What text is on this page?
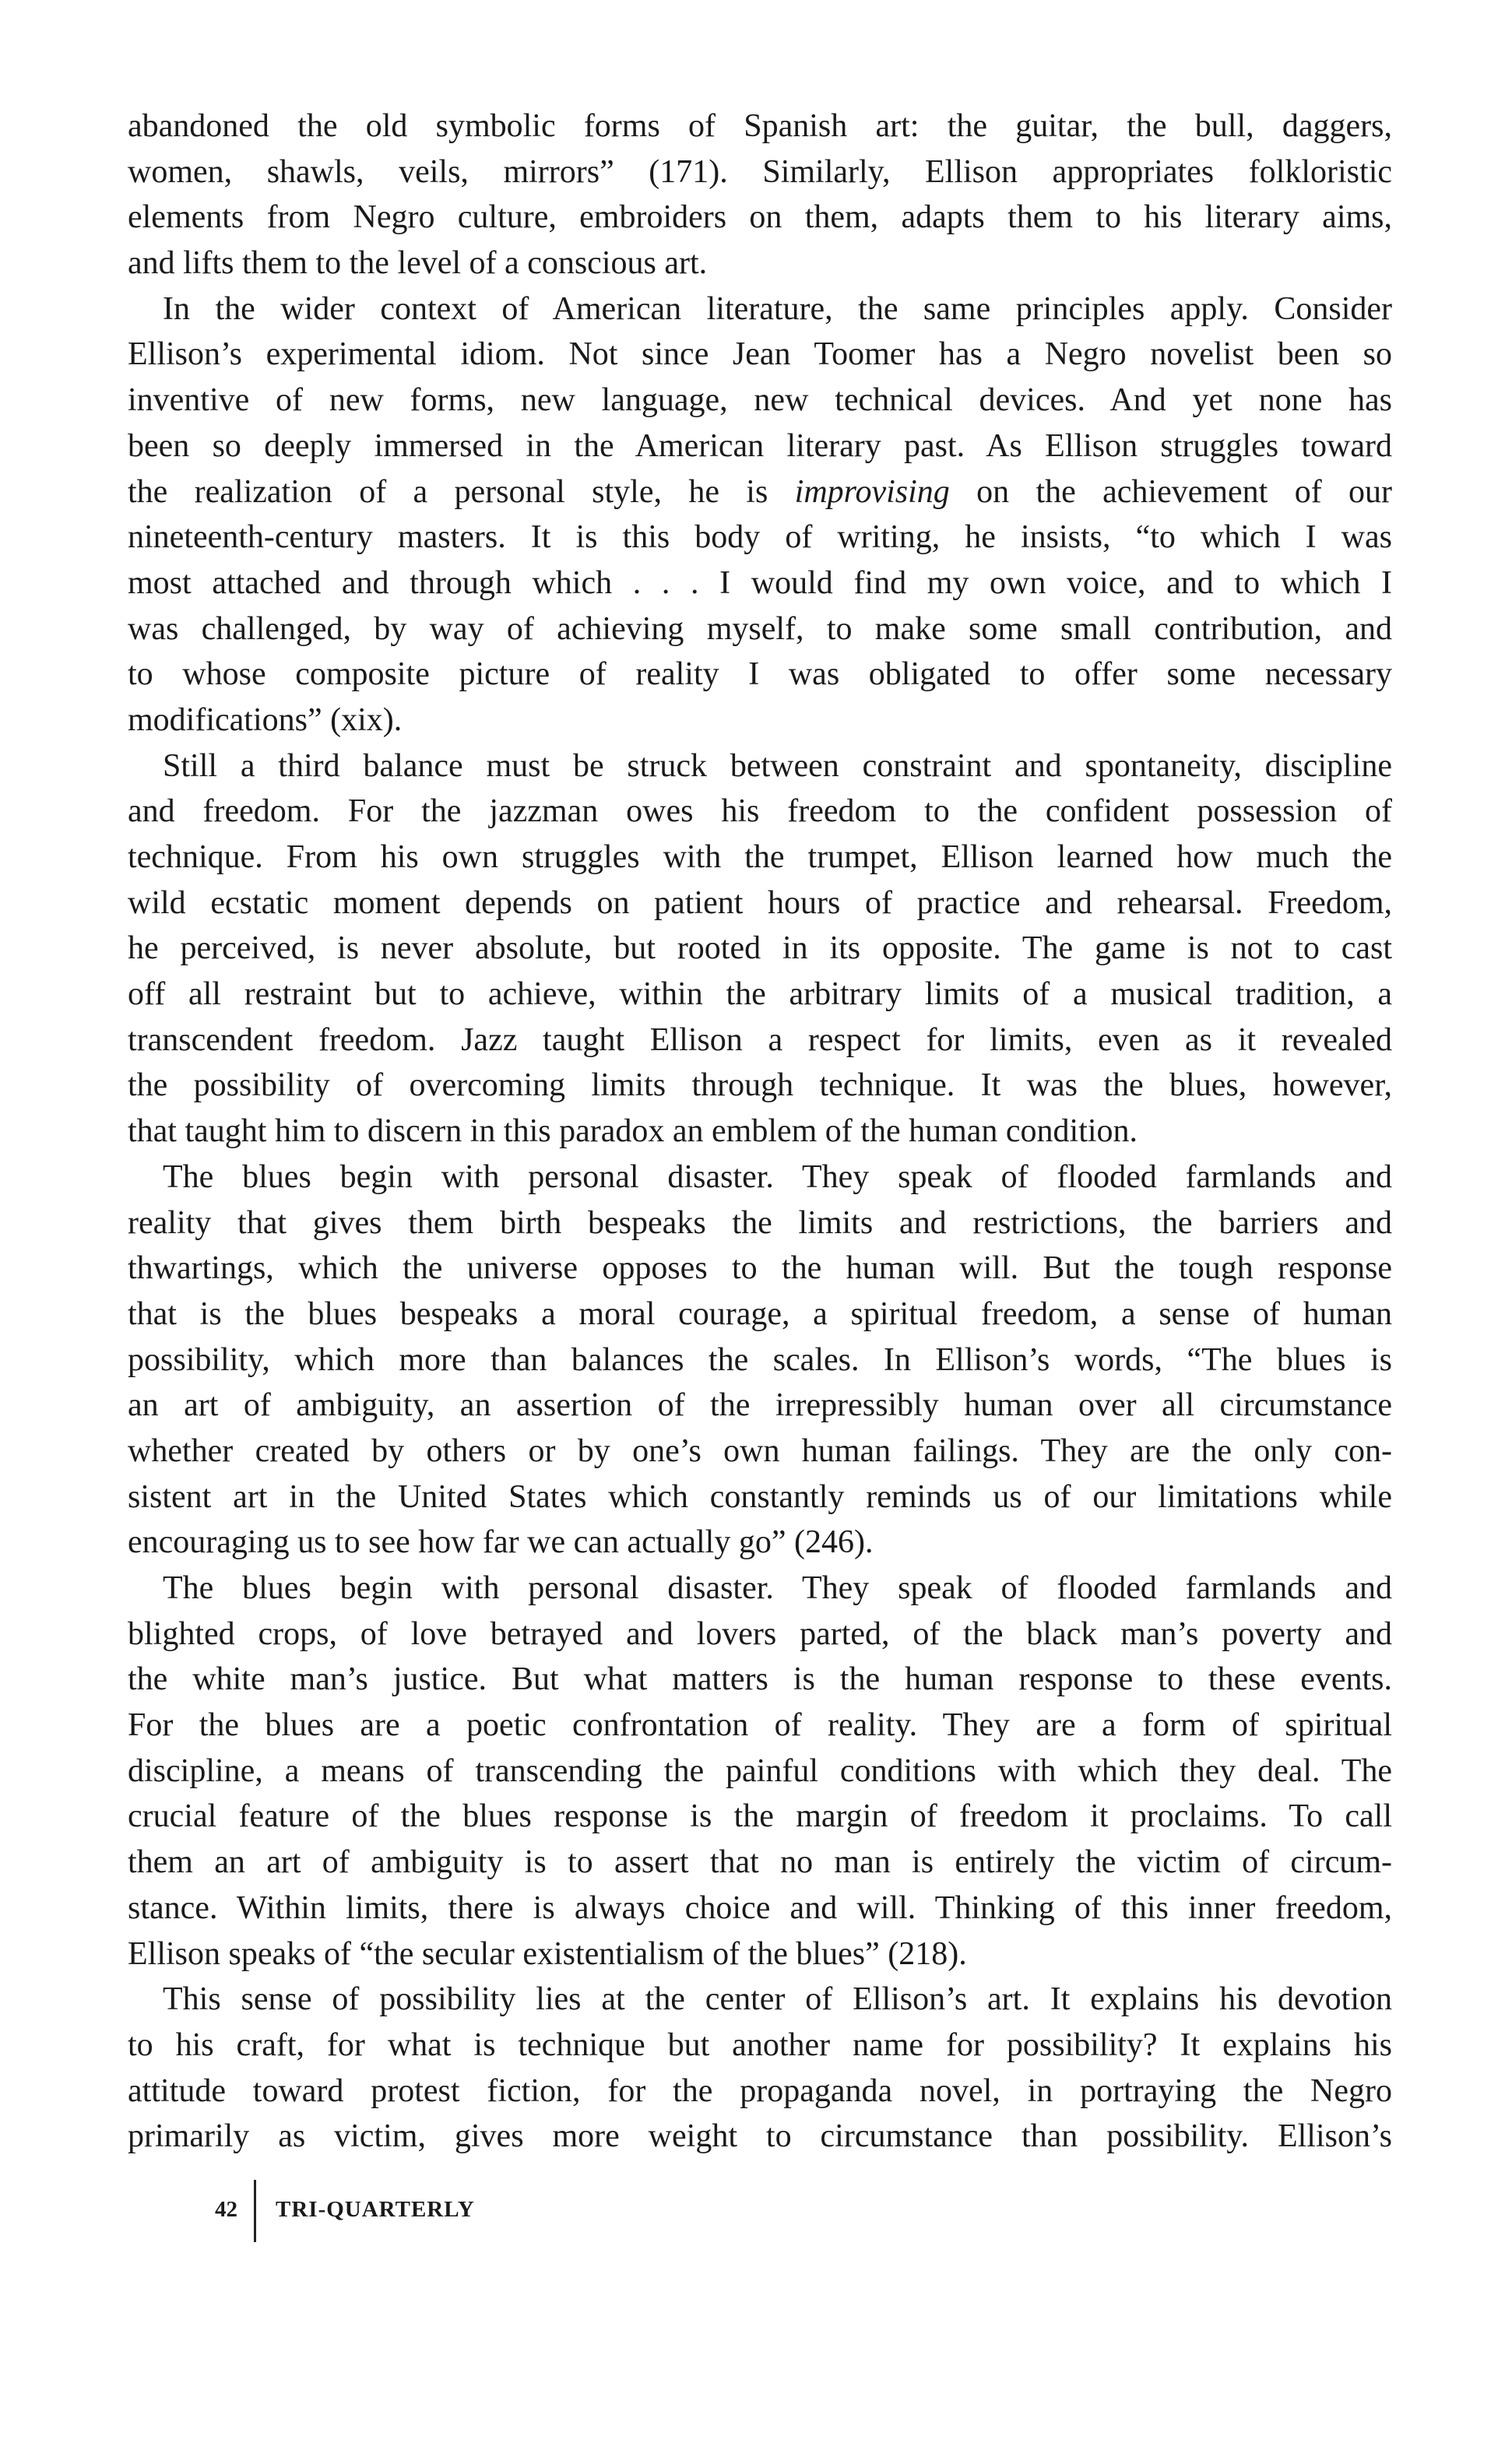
abandoned the old symbolic forms of Spanish art: the guitar, the bull, daggers,
women, shawls, veils, mirrors” (171). Similarly, Ellison appropriates folkloristic
elements from Negro culture, embroiders on them, adapts them to his literary aims,
and lifts them to the level of a conscious art.
In the wider context of American literature, the same principles apply. Consider
Ellison’s experimental idiom. Not since Jean Toomer has a Negro novelist been so
inventive of new forms, new language, new technical devices. And yet none has
been so deeply immersed in the American literary past. As Ellison struggles toward
the realization of a personal style, he is improvising on the achievement of our
nineteenth-century masters. It is this body of writing, he insists, “to which I was
most attached and through which . . . I would find my own voice, and to which I
was challenged, by way of achieving myself, to make some small contribution, and
to whose composite picture of reality I was obligated to offer some necessary
modifications” (xix).
Still a third balance must be struck between constraint and spontaneity, discipline
and freedom. For the jazzman owes his freedom to the confident possession of
technique. From his own struggles with the trumpet, Ellison learned how much the
wild ecstatic moment depends on patient hours of practice and rehearsal. Freedom,
he perceived, is never absolute, but rooted in its opposite. The game is not to cast
off all restraint but to achieve, within the arbitrary limits of a musical tradition, a
transcendent freedom. Jazz taught Ellison a respect for limits, even as it revealed
the possibility of overcoming limits through technique. It was the blues, however,
that taught him to discern in this paradox an emblem of the human condition.
The blues begin with personal disaster. They speak of flooded farmlands and
reality that gives them birth bespeaks the limits and restrictions, the barriers and
thwartings, which the universe opposes to the human will. But the tough response
that is the blues bespeaks a moral courage, a spiritual freedom, a sense of human
possibility, which more than balances the scales. In Ellison’s words, “The blues is
an art of ambiguity, an assertion of the irrepressibly human over all circumstance
whether created by others or by one’s own human failings. They are the only con-
sistent art in the United States which constantly reminds us of our limitations while
encouraging us to see how far we can actually go” (246).
The blues begin with personal disaster. They speak of flooded farmlands and
blighted crops, of love betrayed and lovers parted, of the black man’s poverty and
the white man’s justice. But what matters is the human response to these events.
For the blues are a poetic confrontation of reality. They are a form of spiritual
discipline, a means of transcending the painful conditions with which they deal. The
crucial feature of the blues response is the margin of freedom it proclaims. To call
them an art of ambiguity is to assert that no man is entirely the victim of circum-
stance. Within limits, there is always choice and will. Thinking of this inner freedom,
Ellison speaks of “the secular existentialism of the blues” (218).
This sense of possibility lies at the center of Ellison’s art. It explains his devotion
to his craft, for what is technique but another name for possibility? It explains his
attitude toward protest fiction, for the propaganda novel, in portraying the Negro
primarily as victim, gives more weight to circumstance than possibility. Ellison’s
42 TRI-QUARTERLY
